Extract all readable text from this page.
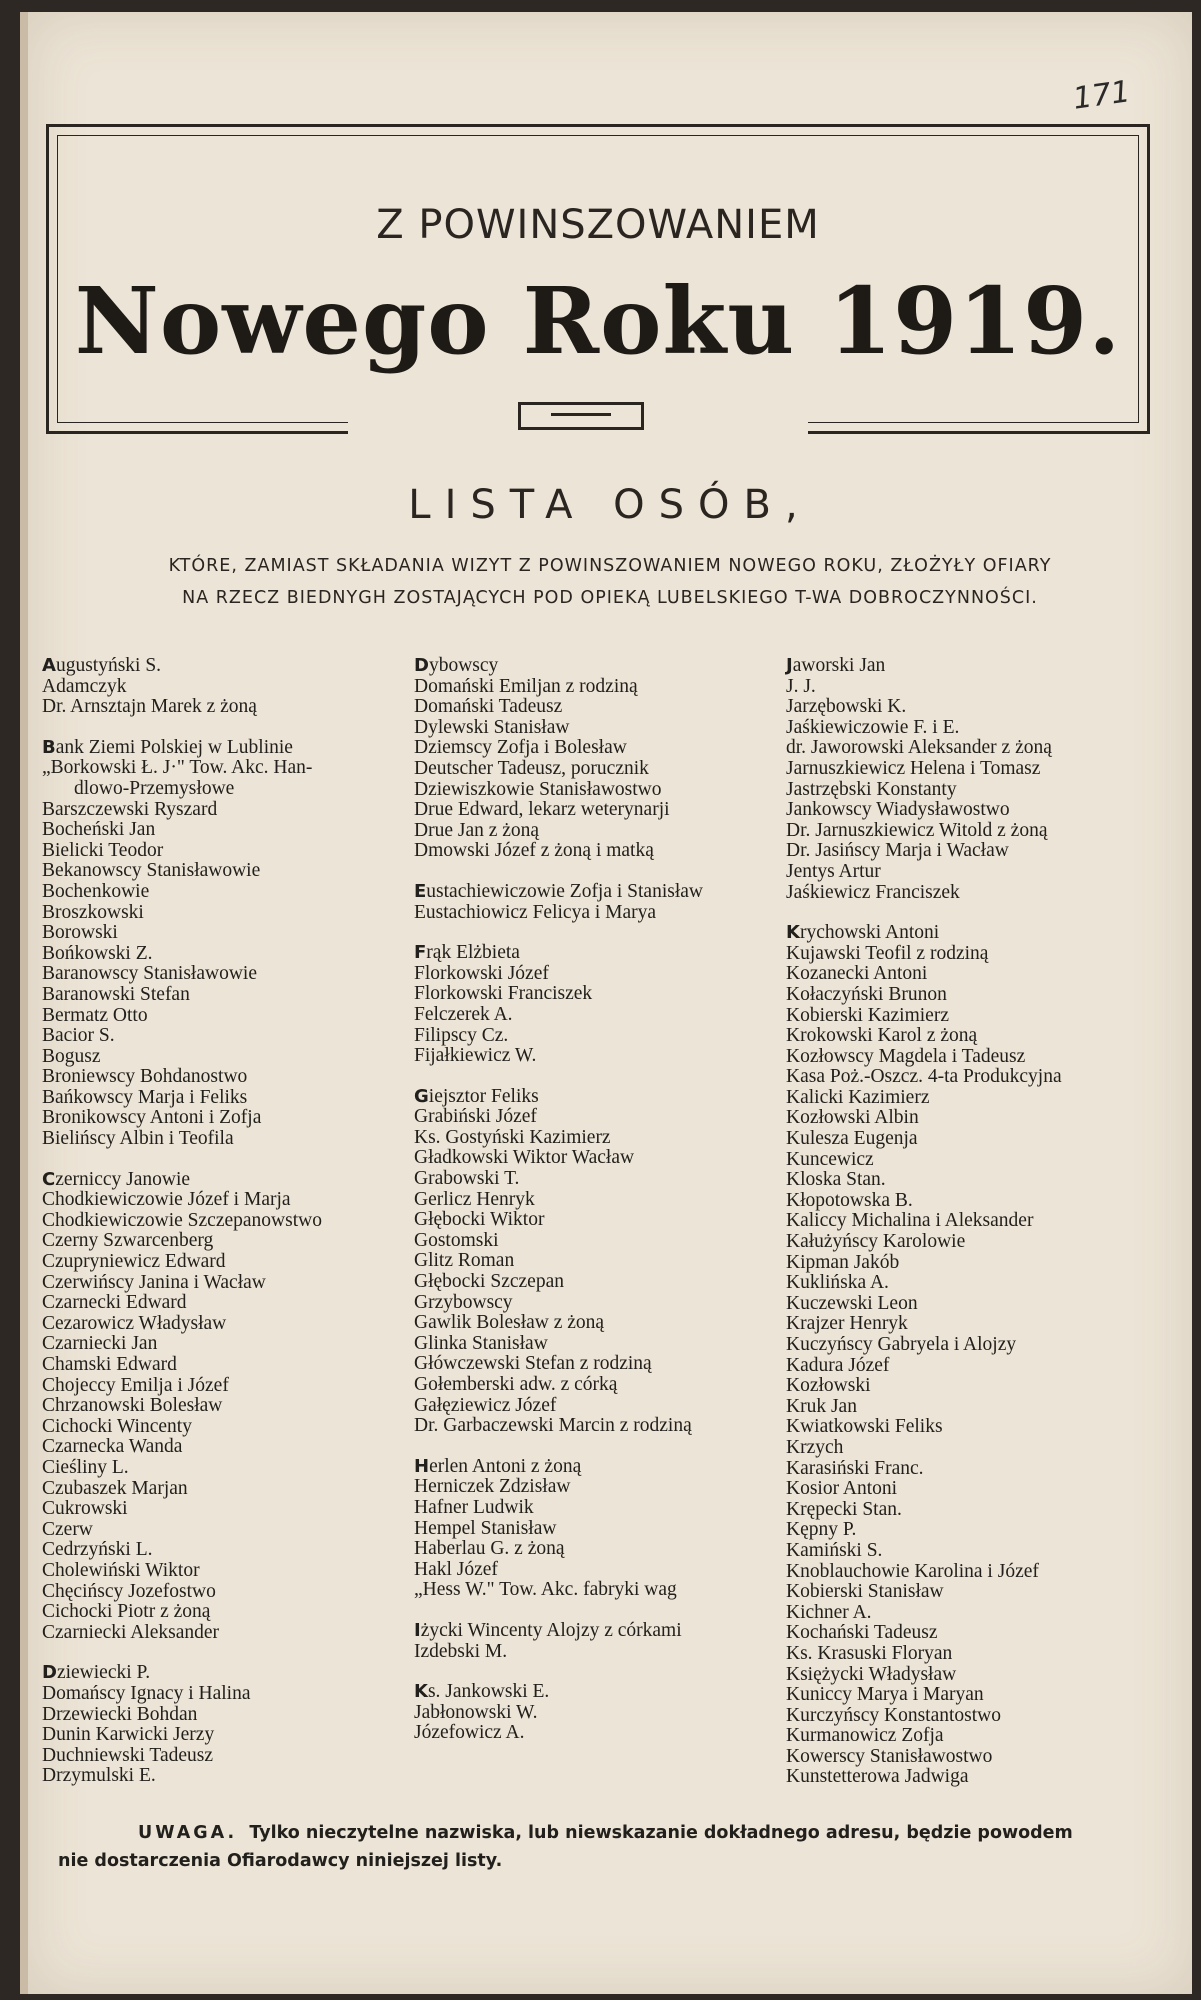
171
Z POWINSZOWANIEM
Nowego Roku 1919.
LISTA OSÓB,
KTÓRE, ZAMIAST SKŁADANIA WIZYT Z POWINSZOWANIEM NOWEGO ROKU, ZŁOŻYŁY OFIARY
NA RZECZ BIEDNYGH ZOSTAJĄCYCH POD OPIEKĄ LUBELSKIEGO T-WA DOBROCZYNNOŚCI.
Augustyński S.
Adamczyk
Dr. Arnsztajn Marek z żoną
Bank Ziemi Polskiej w Lublinie
„Borkowski Ł. J·" Tow. Akc. Han-
dlowo-Przemysłowe
Barszczewski Ryszard
Bocheński Jan
Bielicki Teodor
Bekanowscy Stanisławowie
Bochenkowie
Broszkowski
Borowski
Bońkowski Z.
Baranowscy Stanisławowie
Baranowski Stefan
Bermatz Otto
Bacior S.
Bogusz
Broniewscy Bohdanostwo
Bańkowscy Marja i Feliks
Bronikowscy Antoni i Zofja
Bielińscy Albin i Teofila
Czerniccy Janowie
Chodkiewiczowie Józef i Marja
Chodkiewiczowie Szczepanowstwo
Czerny Szwarcenberg
Czupryniewicz Edward
Czerwińscy Janina i Wacław
Czarnecki Edward
Cezarowicz Władysław
Czarniecki Jan
Chamski Edward
Chojeccy Emilja i Józef
Chrzanowski Bolesław
Cichocki Wincenty
Czarnecka Wanda
Cieśliny L.
Czubaszek Marjan
Cukrowski
Czerw
Cedrzyński L.
Cholewiński Wiktor
Chęcińscy Jozefostwo
Cichocki Piotr z żoną
Czarniecki Aleksander
Dziewiecki P.
Domańscy Ignacy i Halina
Drzewiecki Bohdan
Dunin Karwicki Jerzy
Duchniewski Tadeusz
Drzymulski E.
Dybowscy
Domański Emiljan z rodziną
Domański Tadeusz
Dylewski Stanisław
Dziemscy Zofja i Bolesław
Deutscher Tadeusz, porucznik
Dziewiszkowie Stanisławostwo
Drue Edward, lekarz weterynarji
Drue Jan z żoną
Dmowski Józef z żoną i matką
Eustachiewiczowie Zofja i Stanisław
Eustachiowicz Felicya i Marya
Frąk Elżbieta
Florkowski Józef
Florkowski Franciszek
Felczerek A.
Filipscy Cz.
Fijałkiewicz W.
Giejsztor Feliks
Grabiński Józef
Ks. Gostyński Kazimierz
Gładkowski Wiktor Wacław
Grabowski T.
Gerlicz Henryk
Głębocki Wiktor
Gostomski
Glitz Roman
Głębocki Szczepan
Grzybowscy
Gawlik Bolesław z żoną
Glinka Stanisław
Główczewski Stefan z rodziną
Gołemberski adw. z córką
Gałęziewicz Józef
Dr. Garbaczewski Marcin z rodziną
Herlen Antoni z żoną
Herniczek Zdzisław
Hafner Ludwik
Hempel Stanisław
Haberlau G. z żoną
Hakl Józef
„Hess W." Tow. Akc. fabryki wag
Iżycki Wincenty Alojzy z córkami
Izdebski M.
Ks. Jankowski E.
Jabłonowski W.
Józefowicz A.
Jaworski Jan
J. J.
Jarzębowski K.
Jaśkiewiczowie F. i E.
dr. Jaworowski Aleksander z żoną
Jarnuszkiewicz Helena i Tomasz
Jastrzębski Konstanty
Jankowscy Wiadysławostwo
Dr. Jarnuszkiewicz Witold z żoną
Dr. Jasińscy Marja i Wacław
Jentys Artur
Jaśkiewicz Franciszek
Krychowski Antoni
Kujawski Teofil z rodziną
Kozanecki Antoni
Kołaczyński Brunon
Kobierski Kazimierz
Krokowski Karol z żoną
Kozłowscy Magdela i Tadeusz
Kasa Poż.-Oszcz. 4-ta Produkcyjna
Kalicki Kazimierz
Kozłowski Albin
Kulesza Eugenja
Kuncewicz
Kloska Stan.
Kłopotowska B.
Kaliccy Michalina i Aleksander
Kałużyńscy Karolowie
Kipman Jakób
Kuklińska A.
Kuczewski Leon
Krajzer Henryk
Kuczyńscy Gabryela i Alojzy
Kadura Józef
Kozłowski
Kruk Jan
Kwiatkowski Feliks
Krzych
Karasiński Franc.
Kosior Antoni
Krępecki Stan.
Kępny P.
Kamiński S.
Knoblauchowie Karolina i Józef
Kobierski Stanisław
Kichner A.
Kochański Tadeusz
Ks. Krasuski Floryan
Księżycki Władysław
Kuniccy Marya i Maryan
Kurczyńscy Konstantostwo
Kurmanowicz Zofja
Kowerscy Stanisławostwo
Kunstetterowa Jadwiga
UWAGA. Tylko nieczytelne nazwiska, lub niewskazanie dokładnego adresu, będzie powodem
nie dostarczenia Ofiarodawcy niniejszej listy.
